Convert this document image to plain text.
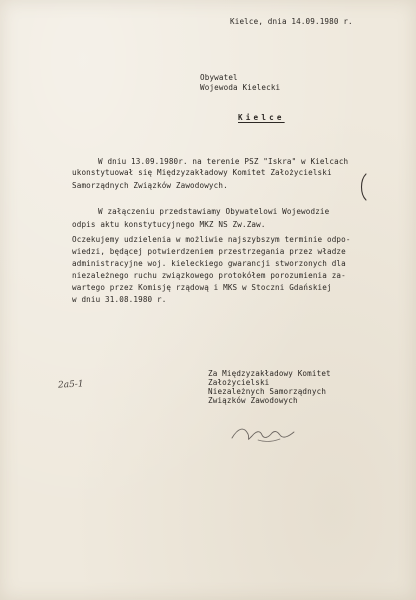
Kielce, dnia 14.09.1980 r.
Obywatel
Wojewoda Kielecki
Kielce
W dniu 13.09.1980r. na terenie PSZ "Iskra" w Kielcach
ukonstytuował się Międzyzakładowy Komitet Założycielski
Samorządnych Związków Zawodowych.
W załączeniu przedstawiamy Obywatelowi Wojewodzie
odpis aktu konstytucyjnego MKZ NS Zw.Zaw.
Oczekujemy udzielenia w możliwie najszybszym terminie odpo-
wiedzi, będącej potwierdzeniem przestrzegania przez władze
administracyjne woj. kieleckiego gwarancji stworzonych dla
niezależnego ruchu związkowego protokółem porozumienia za-
wartego przez Komisję rządową i MKS w Stoczni Gdańskiej
w dniu 31.08.1980 r.
2a5-1
Za Międzyzakładowy Komitet
Założycielski
Niezależnych Samorządnych
Związków Zawodowych
